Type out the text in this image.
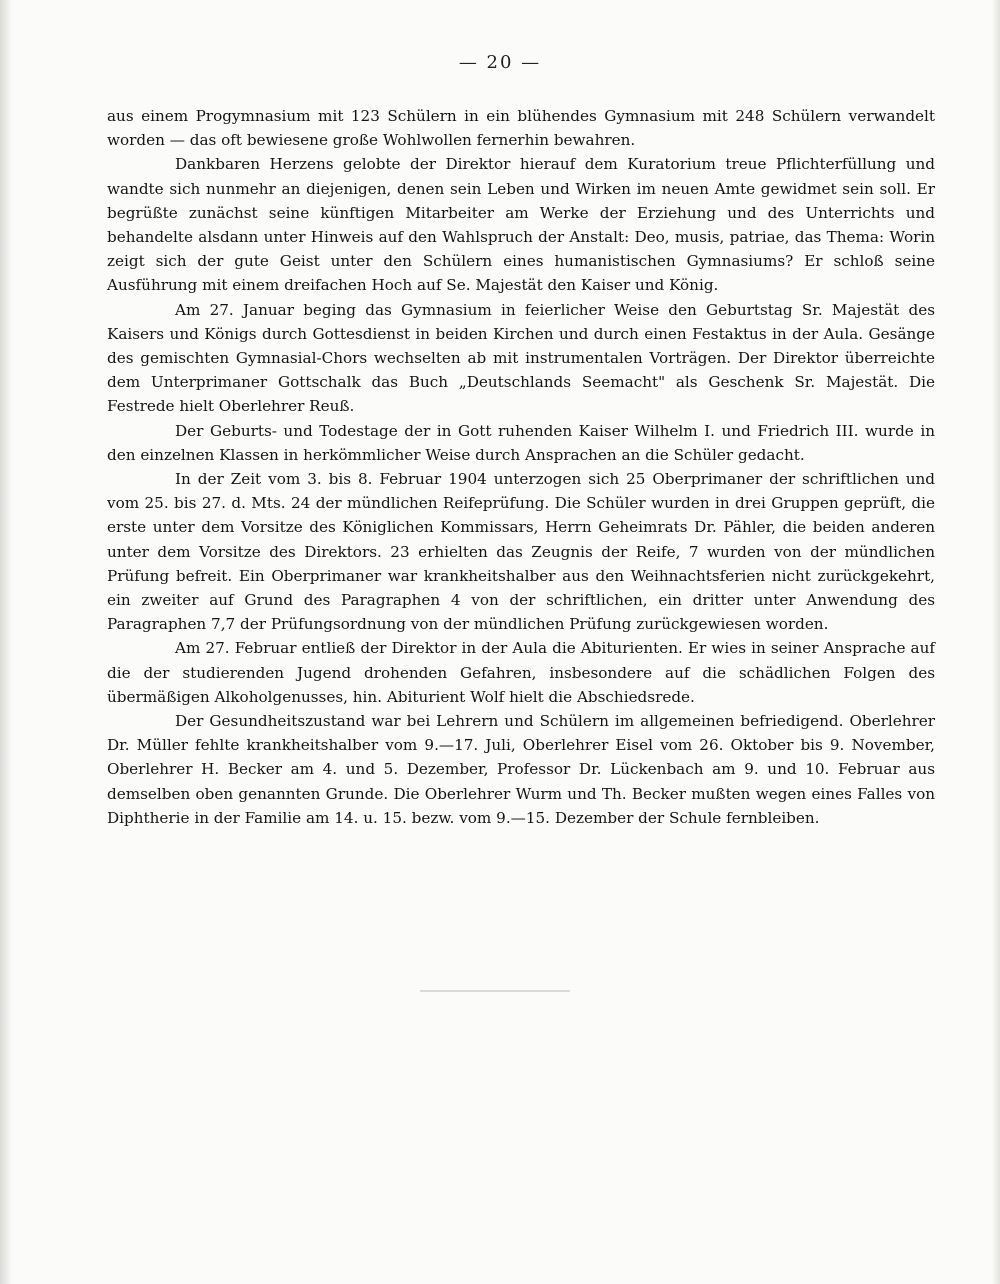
— 20 —

aus einem Progymnasium mit 123 Schülern in ein blühendes Gymnasium mit 248 Schülern verwandelt worden — das oft bewiesene große Wohlwollen fernerhin bewahren.

Dankbaren Herzens gelobte der Direktor hierauf dem Kuratorium treue Pflichterfüllung und wandte sich nunmehr an diejenigen, denen sein Leben und Wirken im neuen Amte gewidmet sein soll. Er begrüßte zunächst seine künftigen Mitarbeiter am Werke der Erziehung und des Unterrichts und behandelte alsdann unter Hinweis auf den Wahlspruch der Anstalt: Deo, musis, patriae, das Thema: Worin zeigt sich der gute Geist unter den Schülern eines humanistischen Gymnasiums? Er schloß seine Ausführung mit einem dreifachen Hoch auf Se. Majestät den Kaiser und König.

Am 27. Januar beging das Gymnasium in feierlicher Weise den Geburtstag Sr. Majestät des Kaisers und Königs durch Gottesdienst in beiden Kirchen und durch einen Festaktus in der Aula. Gesänge des gemischten Gymnasial-Chors wechselten ab mit instrumentalen Vorträgen. Der Direktor überreichte dem Unterprimaner Gottschalk das Buch „Deutschlands Seemacht" als Geschenk Sr. Majestät. Die Festrede hielt Oberlehrer Reuß.

Der Geburts- und Todestage der in Gott ruhenden Kaiser Wilhelm I. und Friedrich III. wurde in den einzelnen Klassen in herkömmlicher Weise durch Ansprachen an die Schüler gedacht.

In der Zeit vom 3. bis 8. Februar 1904 unterzogen sich 25 Oberprimaner der schriftlichen und vom 25. bis 27. d. Mts. 24 der mündlichen Reifeprüfung. Die Schüler wurden in drei Gruppen geprüft, die erste unter dem Vorsitze des Königlichen Kommissars, Herrn Geheimrats Dr. Pähler, die beiden anderen unter dem Vorsitze des Direktors. 23 erhielten das Zeugnis der Reife, 7 wurden von der mündlichen Prüfung befreit. Ein Oberprimaner war krankheitshalber aus den Weihnachtsferien nicht zurückgekehrt, ein zweiter auf Grund des Paragraphen 4 von der schriftlichen, ein dritter unter Anwendung des Paragraphen 7,7 der Prüfungsordnung von der mündlichen Prüfung zurückgewiesen worden.

Am 27. Februar entließ der Direktor in der Aula die Abiturienten. Er wies in seiner Ansprache auf die der studierenden Jugend drohenden Gefahren, insbesondere auf die schädlichen Folgen des übermäßigen Alkoholgenusses, hin. Abiturient Wolf hielt die Abschiedsrede.

Der Gesundheitszustand war bei Lehrern und Schülern im allgemeinen befriedigend. Oberlehrer Dr. Müller fehlte krankheitshalber vom 9.—17. Juli, Oberlehrer Eisel vom 26. Oktober bis 9. November, Oberlehrer H. Becker am 4. und 5. Dezember, Professor Dr. Lückenbach am 9. und 10. Februar aus demselben oben genannten Grunde. Die Oberlehrer Wurm und Th. Becker mußten wegen eines Falles von Diphtherie in der Familie am 14. u. 15. bezw. vom 9.—15. Dezember der Schule fernbleiben.
